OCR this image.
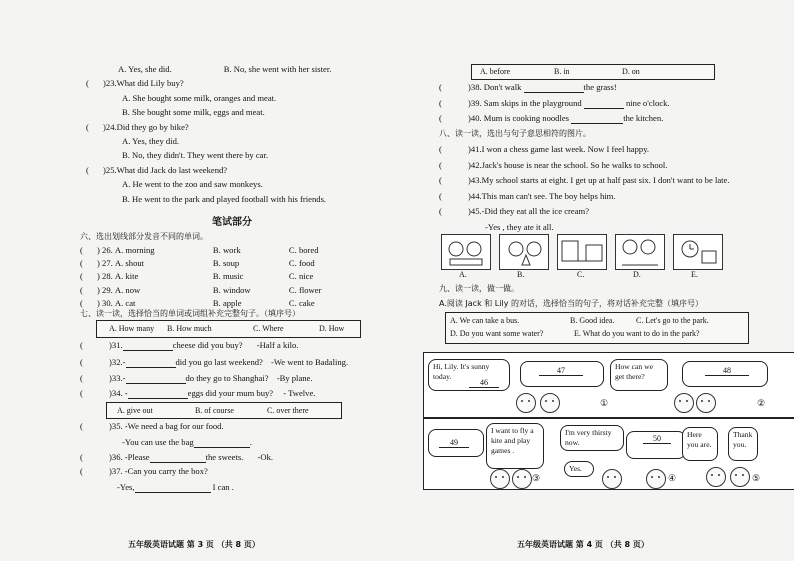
A. Yes, she did.	B. No, she went with her sister.
( )23.What did Lily buy?
A. She bought some milk, oranges and meat.
B. She bought some milk, eggs and meat.
( )24.Did they go by bike?
A. Yes, they did.
B. No, they didn't. They went there by car.
( )25.What did Jack do last weekend?
A. He went to the zoo and saw monkeys.
B. He went to the park and played football with his friends.
笔试部分
六、选出划线部分发音不同的单词。
( ) 26. A. morning	B. work	C. bored
( ) 27. A. shout	B. soup	C. food
( ) 28. A. kite	B. music	C. nice
( ) 29. A. now	B. window	C. flower
( ) 30. A. cat	B. apple	C. cake
七、读一读，选择恰当的单词或词组补充完整句子。（填序号）
A. How many B. How much	C. Where	D. How
(	)31.	cheese did you buy? -Half a kilo.
(	)32.-	did you go last weekend? -We went to Badaling.
(	)33.-	do they go to Shanghai? -By plane.
(	)34. -	eggs did your mum buy? - Twelve.
A. give out	B. of course	C. over there
(	)35. -We need a bag for our food.
-You can use the bag	.
(	)36. -Please	the sweets. -Ok.
(	)37. -Can you carry the box?
-Yes,	I can .
五年级英语试题 第 3 页 （共 8 页）
A. before	B. in	D. on
(	)38. Don't walk	the grass!
(	)39. Sam skips in the playground	nine o'clock.
(	)40. Mum is cooking noodles	the kitchen.
八、读一读，选出与句子意思相符的图片。
(	)41.I won a chess game last week. Now I feel happy.
(	)42.Jack's house is near the school. So he walks to school.
(	)43.My school starts at eight. I get up at half past six. I don't want to be late.
(	)44.This man can't see. The boy helps him.
(	)45.-Did they eat all the ice cream?
-Yes , they ate it all.
A.	B.	C.	D.	E.
九、读一读，做一做。
A.阅读 Jack 和 Lily 的对话，选择恰当的句子，将对话补充完整（填序号）
A. We can take a bus.	B. Good idea.	C. Let's go to the park.
D. Do you want some water?	E. What do you want to do in the park?
Hi, Lily. It's sunny today.
46
47
①
How can we get there?
48
②
49
I want to fly a kite and play games .
③
I'm very thirsty now.	50
Yes.
④
Here you are.
Thank you.
⑤
五年级英语试题 第 4 页 （共 8 页）
